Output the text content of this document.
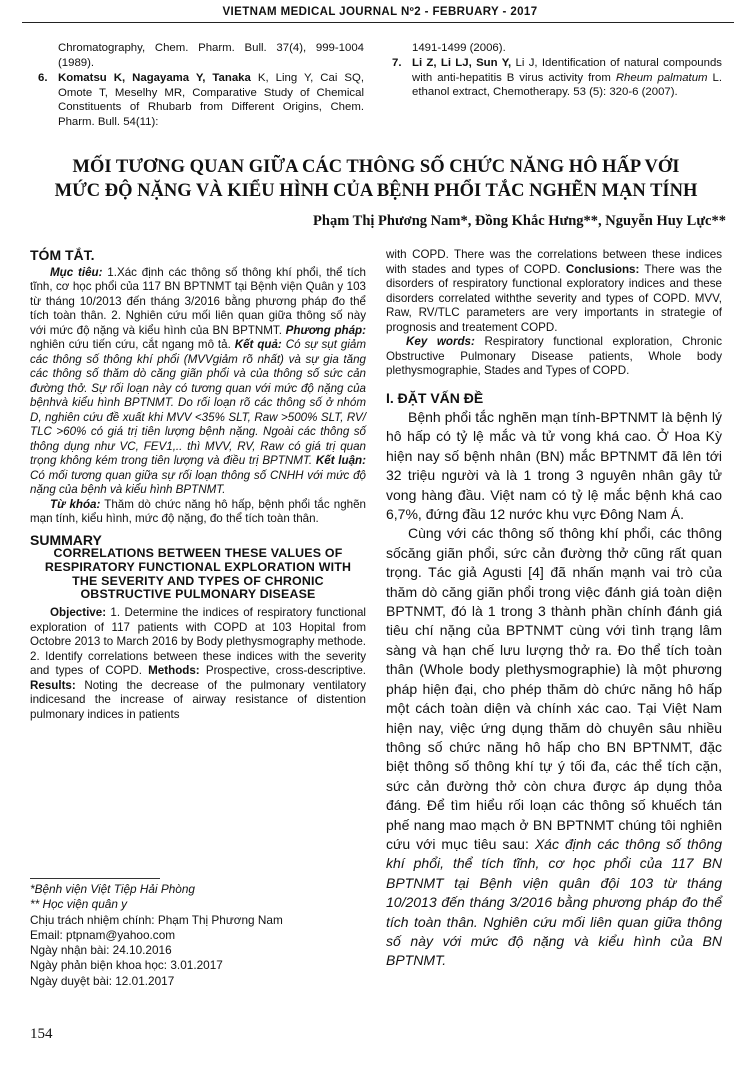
VIETNAM MEDICAL JOURNAL Nº2 - FEBRUARY - 2017
Chromatography, Chem. Pharm. Bull. 37(4), 999-1004 (1989).
6. Komatsu K, Nagayama Y, Tanaka K, Ling Y, Cai SQ, Omote T, Meselhy MR, Comparative Study of Chemical Constituents of Rhubarb from Different Origins, Chem. Pharm. Bull. 54(11):
1491-1499 (2006).
7. Li Z, Li LJ, Sun Y, Li J, Identification of natural compounds with anti-hepatitis B virus activity from Rheum palmatum L. ethanol extract, Chemotherapy. 53 (5): 320-6 (2007).
MỐI TƯƠNG QUAN GIỮA CÁC THÔNG SỐ CHỨC NĂNG HÔ HẤP VỚI
MỨC ĐỘ NẶNG VÀ KIỂU HÌNH CỦA BỆNH PHỔI TẮC NGHẼN MẠN TÍNH
Phạm Thị Phương Nam*, Đồng Khắc Hưng**, Nguyễn Huy Lực**

TÓM TẮT.

Mục tiêu: 1.Xác định các thông số thông khí phổi, thể tích tĩnh, cơ học phổi của 117 BN BPTNMT tại Bệnh viện Quân y 103 từ tháng 10/2013 đến tháng 3/2016 bằng phương pháp đo thể tích toàn thân. 2. Nghiên cứu mối liên quan giữa thông số này với mức độ nặng và kiểu hình của BN BPTNMT. Phương pháp: nghiên cứu tiến cứu, cắt ngang mô tả. Kết quả: Có sự sụt giảm các thông số thông khí phổi (MVVgiảm rõ nhất) và sự gia tăng các thông số thăm dò căng giãn phổi và của thông số sức cản đường thở. Sự rối loạn này có tương quan với mức độ nặng của bệnhvà kiểu hình BPTNMT. Do rối loạn rõ các thông số ở nhóm D, nghiên cứu đề xuất khi MVV <35% SLT, Raw >500% SLT, RV/ TLC >60% có giá trị tiên lượng bệnh nặng. Ngoài các thông số thông dụng như VC, FEV1,.. thì MVV, RV, Raw có giá trị quan trọng không kém trong tiên lượng và điều trị BPTNMT. Kết luận: Có mối tương quan giữa sự rối loạn thông số CNHH với mức độ nặng của bệnh và kiểu hình BPTNMT.

Từ khóa: Thăm dò chức năng hô hấp, bệnh phổi tắc nghẽn mạn tính, kiểu hình, mức độ nặng, đo thể tích toàn thân.

SUMMARY

CORRELATIONS BETWEEN THESE VALUES OF RESPIRATORY FUNCTIONAL EXPLORATION WITH THE SEVERITY AND TYPES OF CHRONIC OBSTRUCTIVE PULMONARY DISEASE

Objective: 1. Determine the indices of respiratory functional exploration of 117 patients with COPD at 103 Hopital from Octobre 2013 to March 2016 by Body plethysmography methode. 2. Identify correlations between these indices with the severity and types of COPD. Methods: Prospective, cross-descriptive. Results: Noting the decrease of the pulmonary ventilatory indicesand the increase of airway resistance of distention pulmonary indices in patients

with COPD. There was the correlations between these indices with stades and types of COPD. Conclusions: There was the disorders of respiratory functional exploratory indices and these disorders correlated withthe severity and types of COPD. MVV, Raw, RV/TLC parameters are very importants in strategie of prognosis and treatement COPD.

Key words: Respiratory functional exploration, Chronic Obstructive Pulmonary Disease patients, Whole body plethysmographie, Stades and Types of COPD.

I. ĐẶT VẤN ĐỀ

Bệnh phổi tắc nghẽn mạn tính-BPTNMT là bệnh lý hô hấp có tỷ lệ mắc và tử vong khá cao. Ở Hoa Kỳ hiện nay số bệnh nhân (BN) mắc BPTNMT đã lên tới 32 triệu người và là 1 trong 3 nguyên nhân gây tử vong hàng đầu. Việt nam có tỷ lệ mắc bệnh khá cao 6,7%, đứng đầu 12 nước khu vực Đông Nam Á.

Cùng với các thông số thông khí phổi, các thông sốcăng giãn phổi, sức cản đường thở cũng rất quan trọng. Tác giả Agusti [4] đã nhấn mạnh vai trò của thăm dò căng giãn phổi trong việc đánh giá toàn diện BPTNMT, đó là 1 trong 3 thành phần chính đánh giá tiêu chí nặng của BPTNMT cùng với tình trạng lâm sàng và hạn chế lưu lượng thở ra. Đo thể tích toàn thân (Whole body plethysmographie) là một phương pháp hiện đại, cho phép thăm dò chức năng hô hấp một cách toàn diện và chính xác cao. Tại Việt Nam hiện nay, việc ứng dụng thăm dò chuyên sâu nhiều thông số chức năng hô hấp cho BN BPTNMT, đặc biệt thông số thông khí tự ý tối đa, các thể tích cặn, sức cản đường thở còn chưa được áp dụng thỏa đáng. Để tìm hiểu rối loạn các thông số khuếch tán phế nang mao mạch ở BN BPTNMT chúng tôi nghiên cứu với mục tiêu sau: Xác định các thông số thông khí phổi, thể tích tĩnh, cơ học phổi của 117 BN BPTNMT tại Bệnh viện quân đội 103 từ tháng 10/2013 đến tháng 3/2016 bằng phương pháp đo thể tích toàn thân. Nghiên cứu mối liên quan giữa thông số này với mức độ nặng và kiểu hình của BN BPTNMT.

*Bệnh viện Việt Tiệp Hải Phòng
** Học viện quân y
Chịu trách nhiệm chính: Phạm Thị Phương Nam
Email: ptpnam@yahoo.com
Ngày nhận bài: 24.10.2016
Ngày phản biện khoa học: 3.01.2017
Ngày duyệt bài: 12.01.2017
154
